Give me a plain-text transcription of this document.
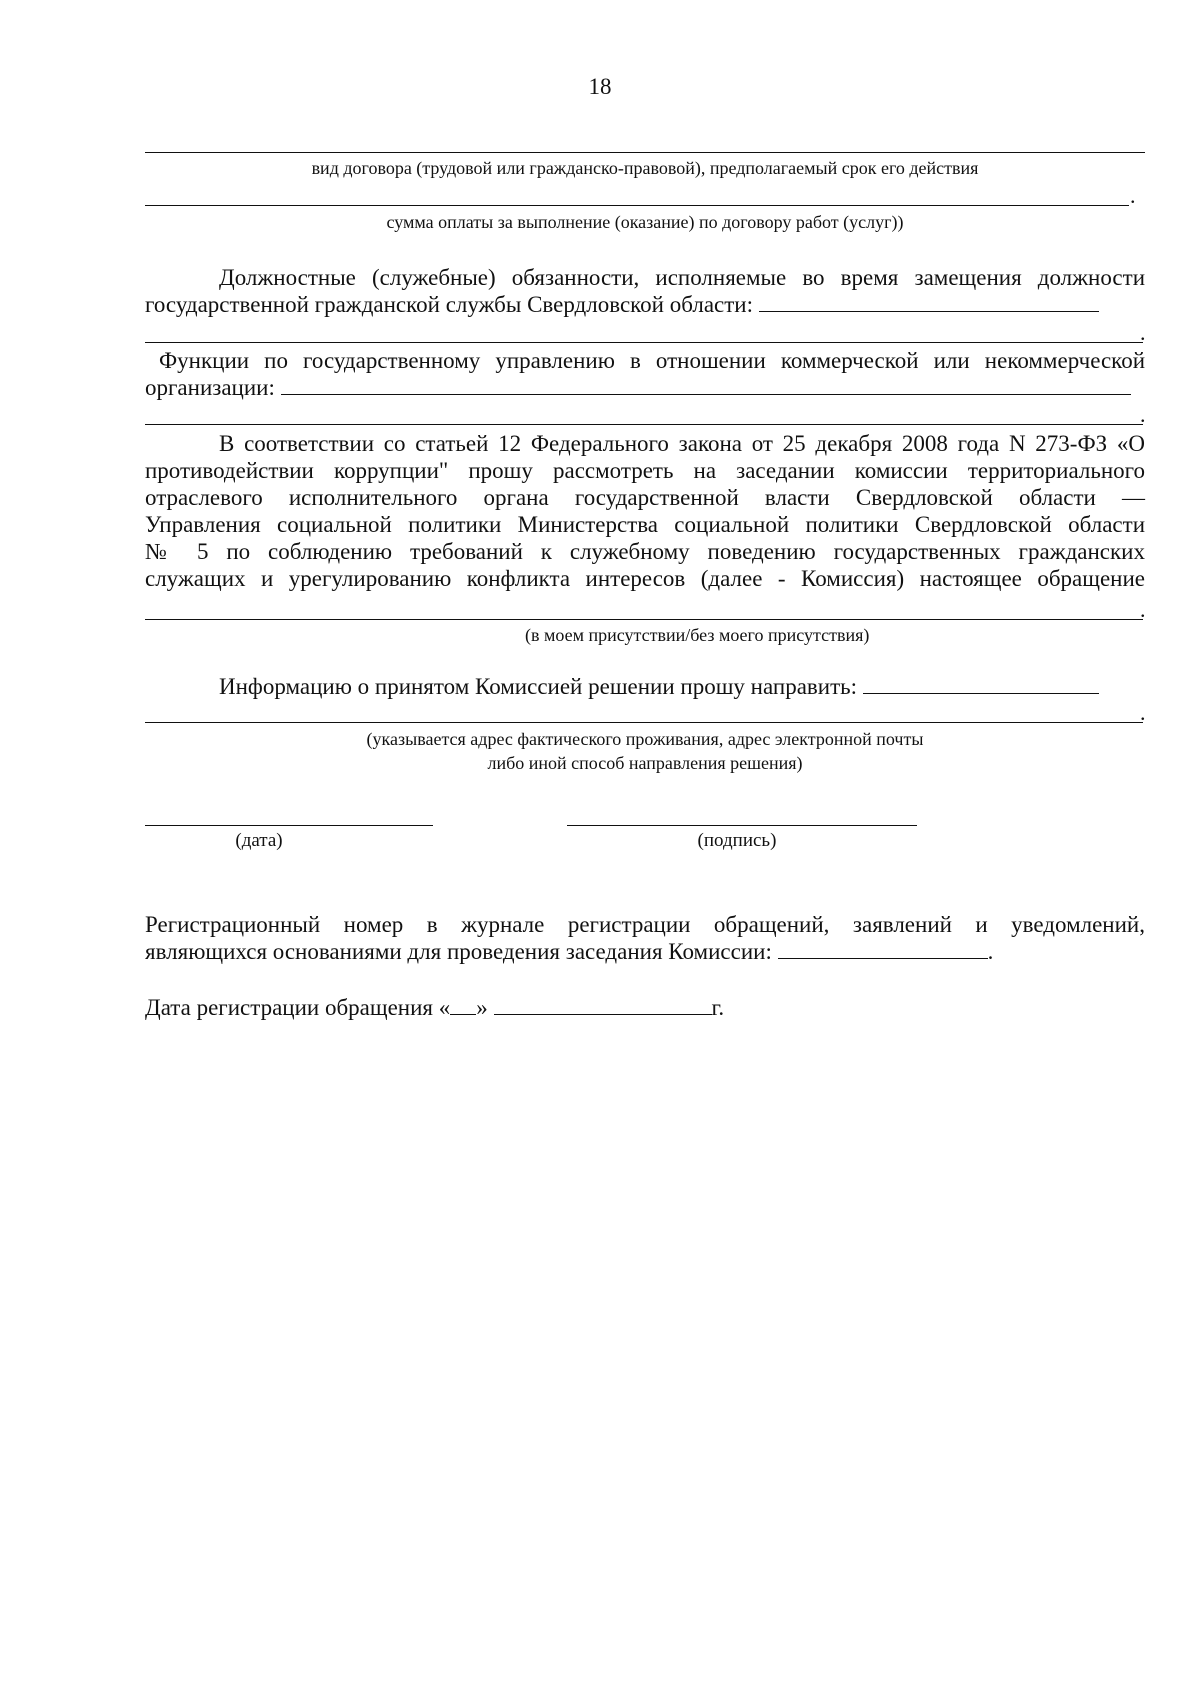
18
вид договора (трудовой или гражданско-правовой), предполагаемый срок его действия
.
сумма оплаты за выполнение (оказание) по договору работ (услуг))
Должностные (служебные) обязанности, исполняемые во время замещения должности
государственной гражданской службы Свердловской области:
.
Функции по государственному управлению в отношении коммерческой или некоммерческой
организации:
.
В соответствии со статьей 12 Федерального закона от 25 декабря 2008 года N 273-ФЗ «О
противодействии коррупции" прошу рассмотреть на заседании комиссии территориального
отраслевого исполнительного органа государственной власти Свердловской области —
Управления социальной политики Министерства социальной политики Свердловской области
№ 5 по соблюдению требований к служебному поведению государственных гражданских
служащих и урегулированию конфликта интересов (далее - Комиссия) настоящее обращение
.
(в моем присутствии/без моего присутствия)
Информацию о принятом Комиссией решении прошу направить:
.
(указывается адрес фактического проживания, адрес электронной почты
либо иной способ направления решения)
(дата)	(подпись)
Регистрационный номер в журнале регистрации обращений, заявлений и уведомлений,
являющихся основаниями для проведения заседания Комиссии:	.
Дата регистрации обращения « »	г.
